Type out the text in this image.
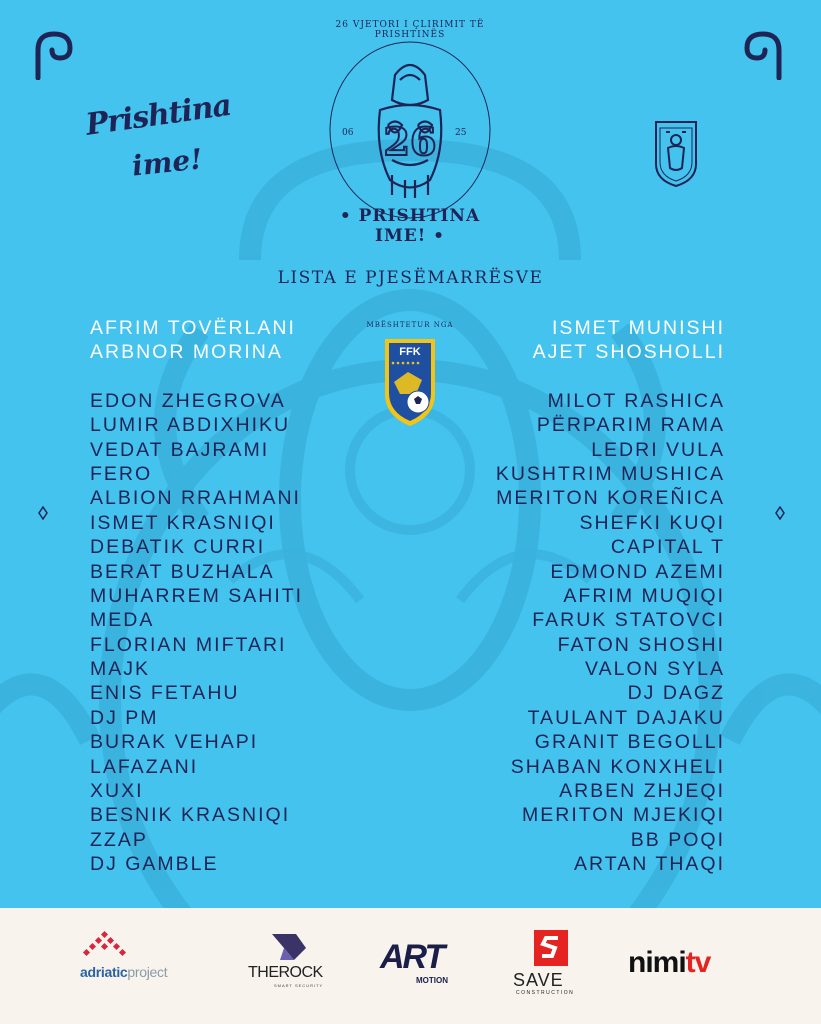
Prishtina
ime!
26 VJETORI I ÇLIRIMIT TË PRISHTINËS
26
06	25
• PRISHTINA IME! •
LISTA E PJESËMARRËSVE
MBËSHTETUR NGA
FFK
AFRIM TOVËRLANI
ARBNOR MORINA
EDON ZHEGROVA
LUMIR ABDIXHIKU
VEDAT BAJRAMI
FERO
ALBION RRAHMANI
ISMET KRASNIQI
DEBATIK CURRI
BERAT BUZHALA
MUHARREM SAHITI
MEDA
FLORIAN MIFTARI
MAJK
ENIS FETAHU
DJ PM
BURAK VEHAPI
LAFAZANI
XUXI
BESNIK KRASNIQI
ZZAP
DJ GAMBLE
ISMET MUNISHI
AJET SHOSHOLLI
MILOT RASHICA
PËRPARIM RAMA
LEDRI VULA
KUSHTRIM MUSHICA
MERITON KOREÑICA
SHEFKI KUQI
CAPITAL T
EDMOND AZEMI
AFRIM MUQIQI
FARUK STATOVCI
FATON SHOSHI
VALON SYLA
DJ DAGZ
TAULANT DAJAKU
GRANIT BEGOLLI
SHABAN KONXHELI
ARBEN ZHJEQI
MERITON MJEKIQI
BB POQI
ARTAN THAQI
adriaticproject	THEROCK
SMART SECURITY
ART
MOTION	SAVE
CONSTRUCTION
nimitv
